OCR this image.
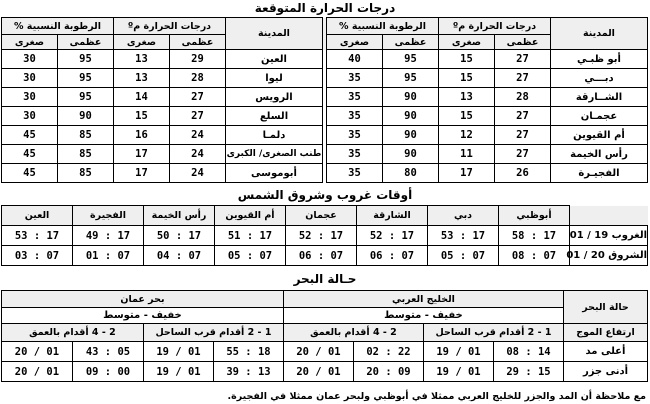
درجات الحرارة المتوقعة
المدينة	درجات الحرارة مº		الرطوبة النسبية %			المدينة	درجات الحرارة مº		الرطوبة النسبية %	
	عظمى	صغرى	عظمى	صغرى			عظمى	صغرى	عظمى	صغرى
أبو ظبـي	27	15	95	40		العين	29	13	95	30
دبـــي	27	15	95	35		ليوا	28	13	95	30
الشــارقة	28	13	90	35		الرويس	27	14	95	30
عجمـان	27	15	90	35		السلع	27	15	90	30
أم القيوين	27	12	90	35		دلمـا	24	16	85	45
رأس الخيمة	27	11	90	35		طنب الصغرى/ الكبرى	24	17	85	45
الفجيـرة	26	17	80	35		أبوموسى	24	17	85	45
أوقات غروب وشروق الشمس
	أبوظبي	دبي	الشارقة	عجمان	أم القيوين	رأس الخيمة	الفجيرة	العين
الغروب 19 / 01	17 : 58	17 : 53	17 : 52	17 : 52	17 : 51	17 : 50	17 : 49	17 : 53
الشروق 20 / 01	07 : 08	07 : 05	07 : 06	07 : 06	07 : 05	07 : 04	07 : 01	07 : 03
حـالة البحر
حالة البحر	الخليج العربي				بحر عمان			
	خفيف - متوسط				خفيف - متوسط			
ارتفاع الموج	1 - 2 أقدام قرب الساحل		2 - 4 أقدام بالعمق		1 - 2 أقدام قرب الساحل		2 - 4 أقدام بالعمق	
أعلى مد	14 : 08	01 / 19	22 : 02	01 / 20	18 : 55	01 / 19	05 : 43	01 / 20
أدنى جزر	15 : 29	01 / 19	09 : 20	01 / 20	13 : 39	01 / 19	00 : 09	01 / 20
مع ملاحظة أن المد والجزر للخليج العربي ممثلا في أبوظبي ولبحر عمان ممثلا في الفجيرة.
